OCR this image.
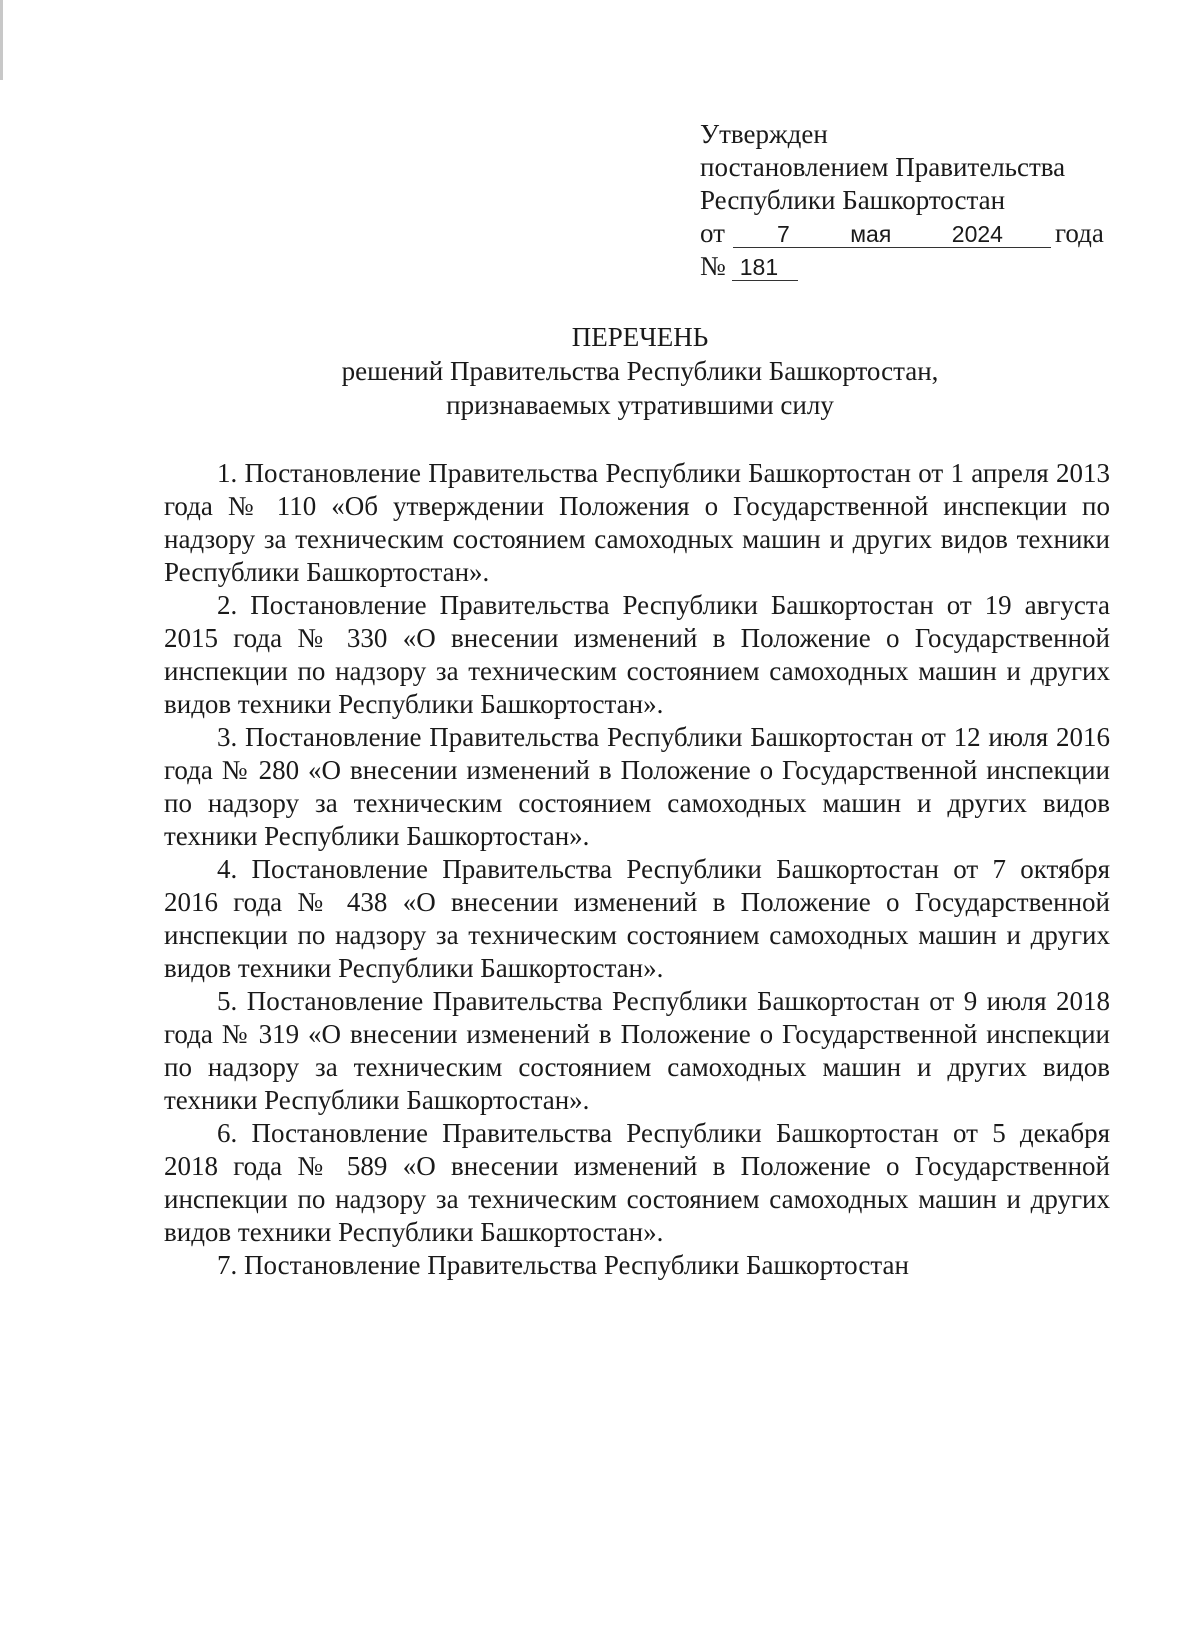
Утвержден
постановлением Правительства
Республики Башкортостан
от 7	мая	2024 года
№ 181
ПЕРЕЧЕНЬ
решений Правительства Республики Башкортостан,
признаваемых утратившими силу

1. Постановление Правительства Республики Башкортостан от 1 апреля 2013 года № 110 «Об утверждении Положения о Государственной инспекции по надзору за техническим состоянием самоходных машин и других видов техники Республики Башкортостан».

2. Постановление Правительства Республики Башкортостан от 19 августа 2015 года № 330 «О внесении изменений в Положение о Государственной инспекции по надзору за техническим состоянием самоходных машин и других видов техники Республики Башкортостан».

3. Постановление Правительства Республики Башкортостан от 12 июля 2016 года № 280 «О внесении изменений в Положение о Государственной инспекции по надзору за техническим состоянием самоходных машин и других видов техники Республики Башкортостан».

4. Постановление Правительства Республики Башкортостан от 7 октября 2016 года № 438 «О внесении изменений в Положение о Государственной инспекции по надзору за техническим состоянием самоходных машин и других видов техники Республики Башкортостан».

5. Постановление Правительства Республики Башкортостан от 9 июля 2018 года № 319 «О внесении изменений в Положение о Государственной инспекции по надзору за техническим состоянием самоходных машин и других видов техники Республики Башкортостан».

6. Постановление Правительства Республики Башкортостан от 5 декабря 2018 года № 589 «О внесении изменений в Положение о Государственной инспекции по надзору за техническим состоянием самоходных машин и других видов техники Республики Башкортостан».

7. Постановление Правительства Республики Башкортостан
